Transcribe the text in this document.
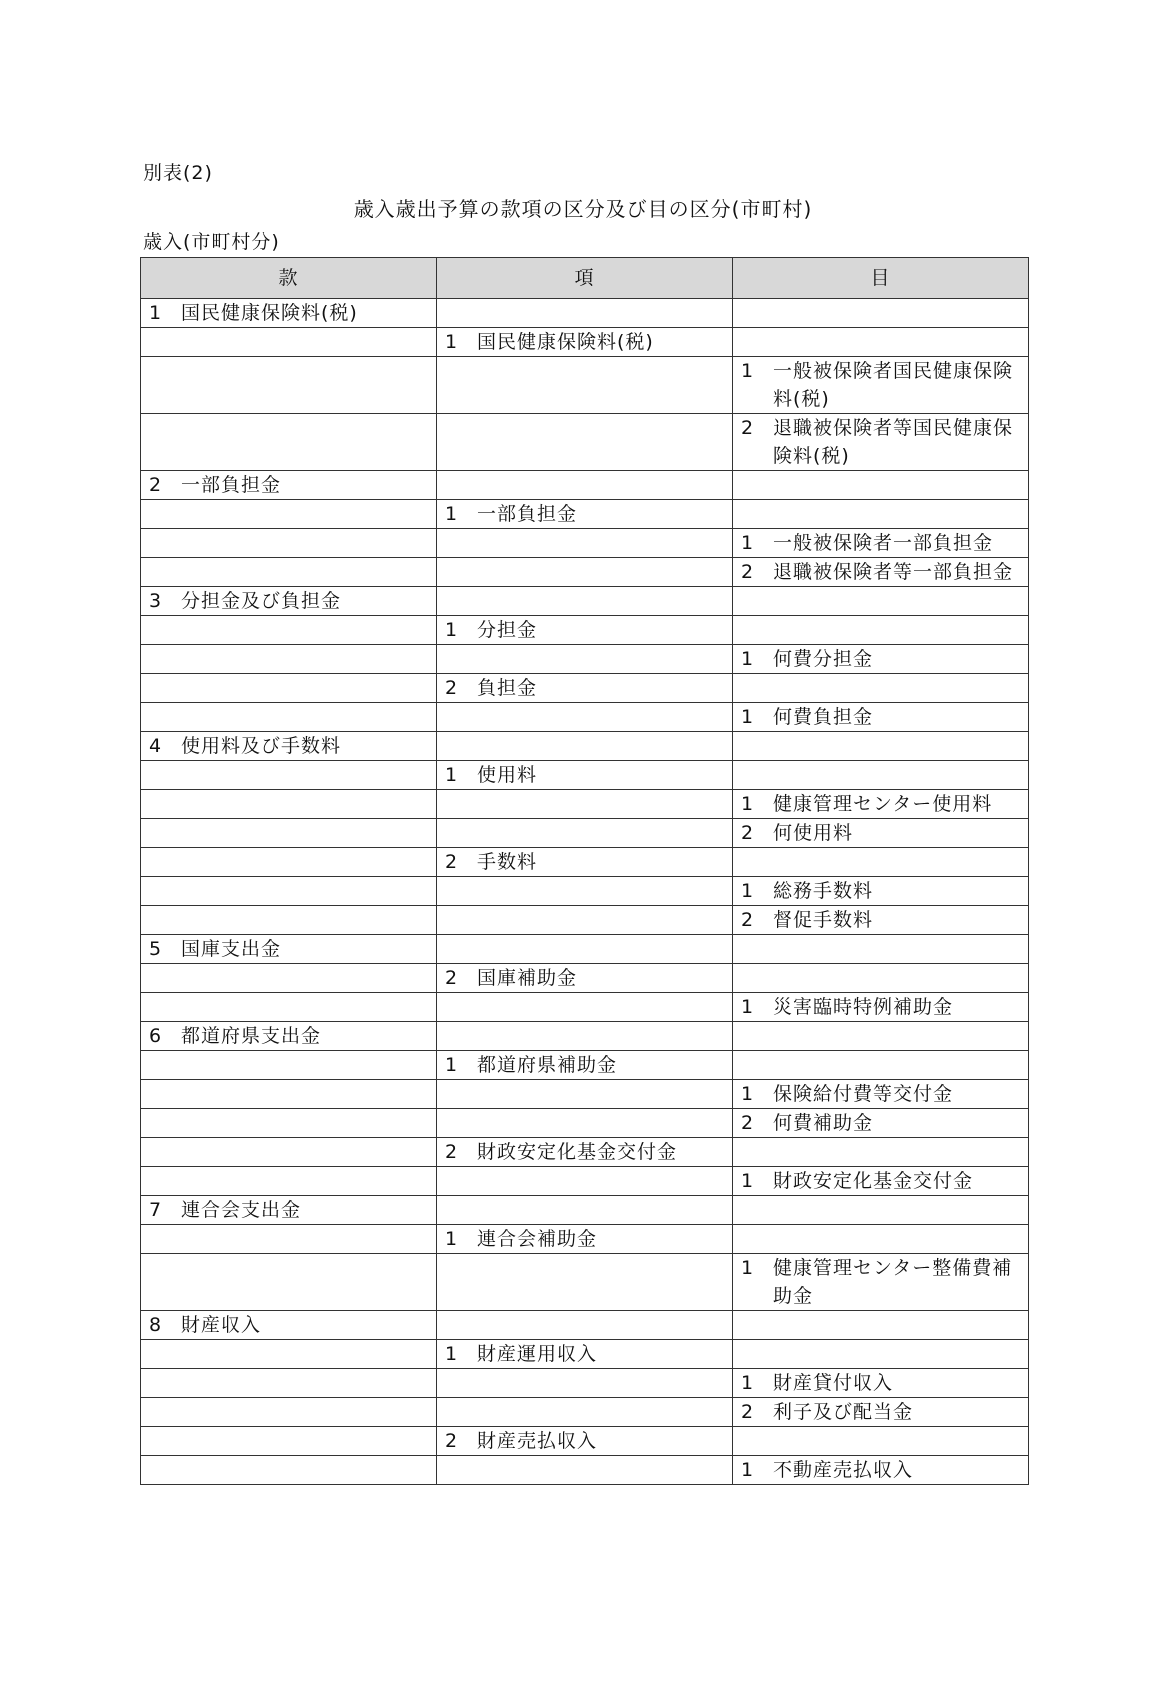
別表(2)
歳入歳出予算の款項の区分及び目の区分(市町村)
歳入(市町村分)
款	項	目

1 国民健康保険料(税)		

	1 国民健康保険料(税)	

		1 一般被保険者国民健康保険料(税)

		2 退職被保険者等国民健康保険料(税)

2 一部負担金		

	1 一部負担金	

		1 一般被保険者一部負担金

		2 退職被保険者等一部負担金

3 分担金及び負担金		

	1 分担金	

		1 何費分担金

	2 負担金	

		1 何費負担金

4 使用料及び手数料		

	1 使用料	

		1 健康管理センター使用料

		2 何使用料

	2 手数料	

		1 総務手数料

		2 督促手数料

5 国庫支出金		

	2 国庫補助金	

		1 災害臨時特例補助金

6 都道府県支出金		

	1 都道府県補助金	

		1 保険給付費等交付金

		2 何費補助金

	2 財政安定化基金交付金	

		1 財政安定化基金交付金

7 連合会支出金		

	1 連合会補助金	

		1 健康管理センター整備費補助金

8 財産収入		

	1 財産運用収入	

		1 財産貸付収入

		2 利子及び配当金

	2 財産売払収入	

		1 不動産売払収入
